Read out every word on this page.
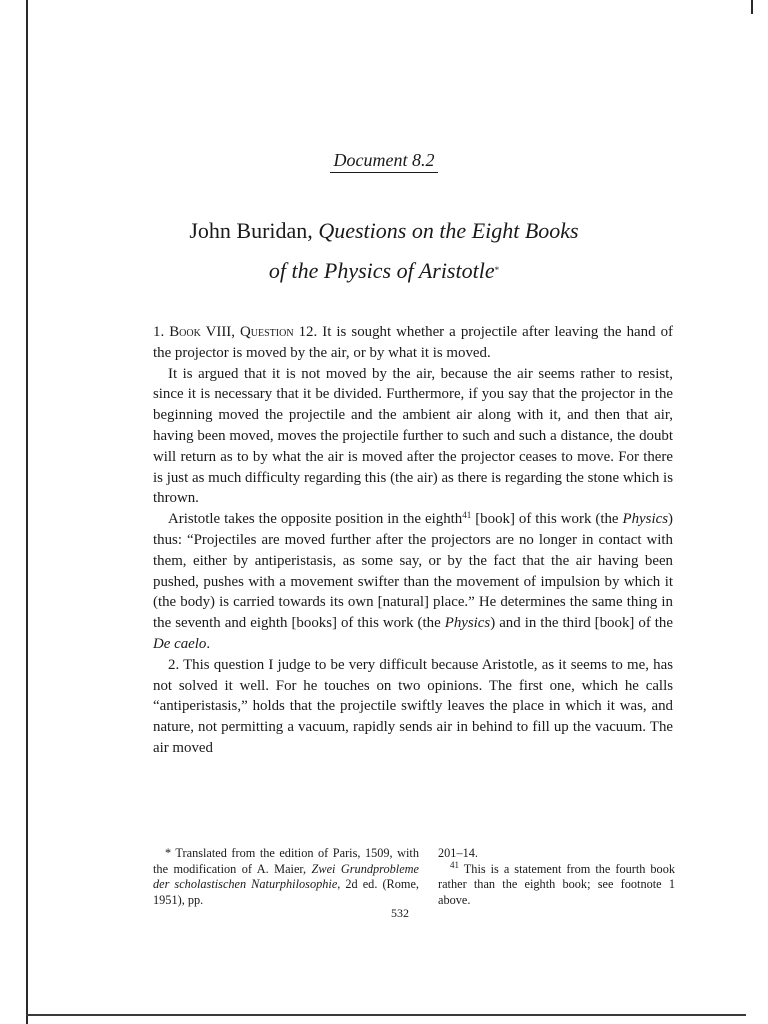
Document 8.2
John Buridan, Questions on the Eight Books
of the Physics of Aristotle*

1. Book VIII, Question 12. It is sought whether a projectile after leaving the hand of the projector is moved by the air, or by what it is moved.

It is argued that it is not moved by the air, because the air seems rather to resist, since it is necessary that it be divided. Furthermore, if you say that the projector in the beginning moved the projectile and the ambient air along with it, and then that air, having been moved, moves the projectile further to such and such a distance, the doubt will return as to by what the air is moved after the projector ceases to move. For there is just as much difficulty regarding this (the air) as there is regarding the stone which is thrown.

Aristotle takes the opposite position in the eighth$^{41}$ [book] of this work (the Physics) thus: “Projectiles are moved further after the projectors are no longer in contact with them, either by antiperistasis, as some say, or by the fact that the air having been pushed, pushes with a movement swifter than the movement of impulsion by which it (the body) is carried towards its own [natural] place.” He determines the same thing in the seventh and eighth [books] of this work (the Physics) and in the third [book] of the De caelo.

2. This question I judge to be very difficult because Aristotle, as it seems to me, has not solved it well. For he touches on two opinions. The first one, which he calls “antiperistasis,” holds that the projectile swiftly leaves the place in which it was, and nature, not permitting a vacuum, rapidly sends air in behind to fill up the vacuum. The air moved

* Translated from the edition of Paris, 1509, with the modification of A. Maier, Zwei Grundprobleme der scholastischen Naturphilosophie, 2d ed. (Rome, 1951), pp.

201–14.

$^{41}$ This is a statement from the fourth book rather than the eighth book; see footnote 1 above.

532
